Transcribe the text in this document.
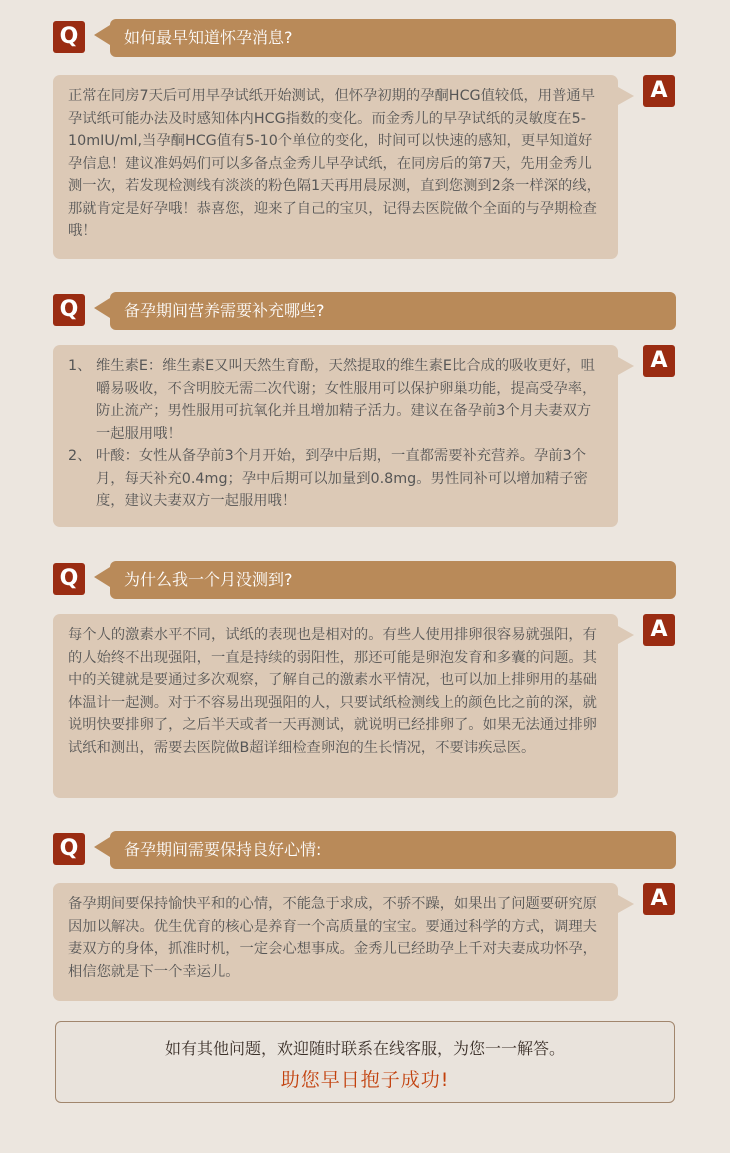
Q	如何最早知道怀孕消息?
正常在同房7天后可用早孕试纸开始测试，但怀孕初期的孕酮HCG值较低，用普通早孕试纸可能办法及时感知体内HCG指数的变化。而金秀儿的早孕试纸的灵敏度在5-10mIU/ml,当孕酮HCG值有5-10个单位的变化，时间可以快速的感知，更早知道好孕信息！建议准妈妈们可以多备点金秀儿早孕试纸，在同房后的第7天，先用金秀儿测一次，若发现检测线有淡淡的粉色隔1天再用晨尿测，直到您测到2条一样深的线，那就肯定是好孕哦！恭喜您，迎来了自己的宝贝，记得去医院做个全面的与孕期检查哦！
A
Q	备孕期间营养需要补充哪些?
1、 维生素E：维生素E又叫天然生育酚，天然提取的维生素E比合成的吸收更好，咀嚼易吸收，不含明胶无需二次代谢；女性服用可以保护卵巢功能，提高受孕率，防止流产；男性服用可抗氧化并且增加精子活力。建议在备孕前3个月夫妻双方一起服用哦！
2、 叶酸：女性从备孕前3个月开始，到孕中后期，一直都需要补充营养。孕前3个月，每天补充0.4mg；孕中后期可以加量到0.8mg。男性同补可以增加精子密度，建议夫妻双方一起服用哦！
A
Q	为什么我一个月没测到?
每个人的激素水平不同，试纸的表现也是相对的。有些人使用排卵很容易就强阳，有的人始终不出现强阳，一直是持续的弱阳性，那还可能是卵泡发育和多囊的问题。其中的关键就是要通过多次观察，了解自己的激素水平情况，也可以加上排卵用的基础体温计一起测。对于不容易出现强阳的人，只要试纸检测线上的颜色比之前的深，就说明快要排卵了，之后半天或者一天再测试，就说明已经排卵了。如果无法通过排卵试纸和测出，需要去医院做B超详细检查卵泡的生长情况，不要讳疾忌医。
A
Q	备孕期间需要保持良好心情:
备孕期间要保持愉快平和的心情，不能急于求成，不骄不躁，如果出了问题要研究原因加以解决。优生优育的核心是养育一个高质量的宝宝。要通过科学的方式，调理夫妻双方的身体，抓准时机，一定会心想事成。金秀儿已经助孕上千对夫妻成功怀孕，相信您就是下一个幸运儿。
A
如有其他问题，欢迎随时联系在线客服，为您一一解答。
助您早日抱子成功!
